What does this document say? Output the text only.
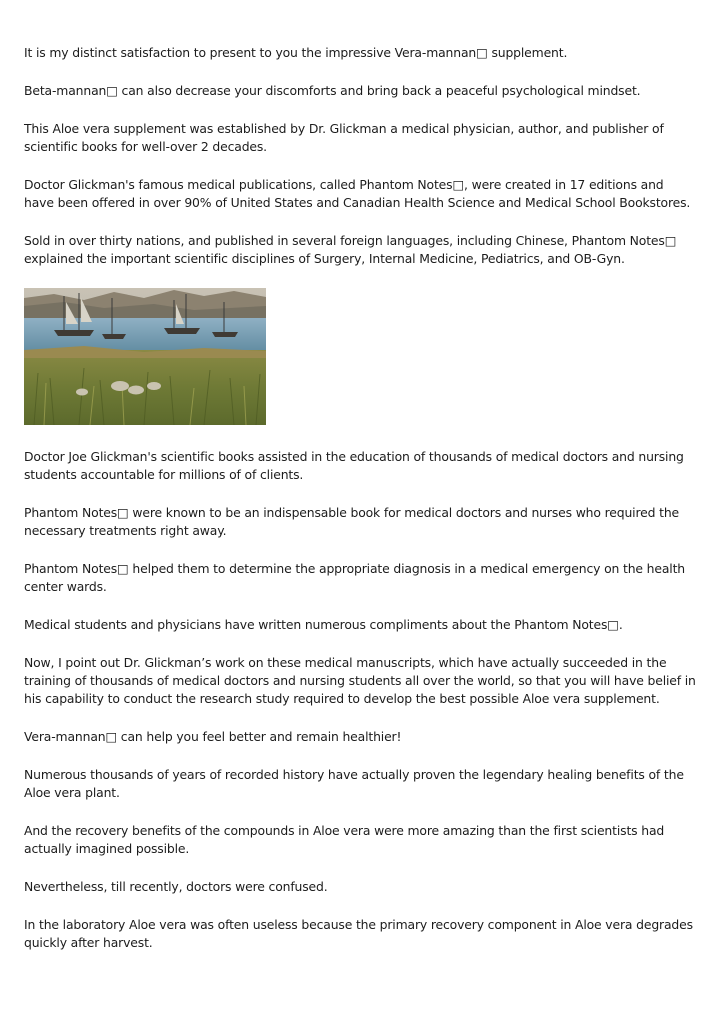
It is my distinct satisfaction to present to you the impressive Vera-mannan□ supplement.

Beta-mannan□ can also decrease your discomforts and bring back a peaceful psychological mindset.

This Aloe vera supplement was established by Dr. Glickman a medical physician, author, and publisher of scientific books for well-over 2 decades.

Doctor Glickman's famous medical publications, called Phantom Notes□, were created in 17 editions and have been offered in over 90% of United States and Canadian Health Science and Medical School Bookstores.

Sold in over thirty nations, and published in several foreign languages, including Chinese, Phantom Notes□ explained the important scientific disciplines of Surgery, Internal Medicine, Pediatrics, and OB-Gyn.

Doctor Joe Glickman's scientific books assisted in the education of thousands of medical doctors and nursing students accountable for millions of of clients.

Phantom Notes□ were known to be an indispensable book for medical doctors and nurses who required the necessary treatments right away.

Phantom Notes□ helped them to determine the appropriate diagnosis in a medical emergency on the health center wards.

Medical students and physicians have written numerous compliments about the Phantom Notes□.

Now, I point out Dr. Glickman’s work on these medical manuscripts, which have actually succeeded in the training of thousands of medical doctors and nursing students all over the world, so that you will have belief in his capability to conduct the research study required to develop the best possible Aloe vera supplement.

Vera-mannan□ can help you feel better and remain healthier!

Numerous thousands of years of recorded history have actually proven the legendary healing benefits of the Aloe vera plant.

And the recovery benefits of the compounds in Aloe vera were more amazing than the first scientists had actually imagined possible.

Nevertheless, till recently, doctors were confused.

In the laboratory Aloe vera was often useless because the primary recovery component in Aloe vera degrades quickly after harvest.
